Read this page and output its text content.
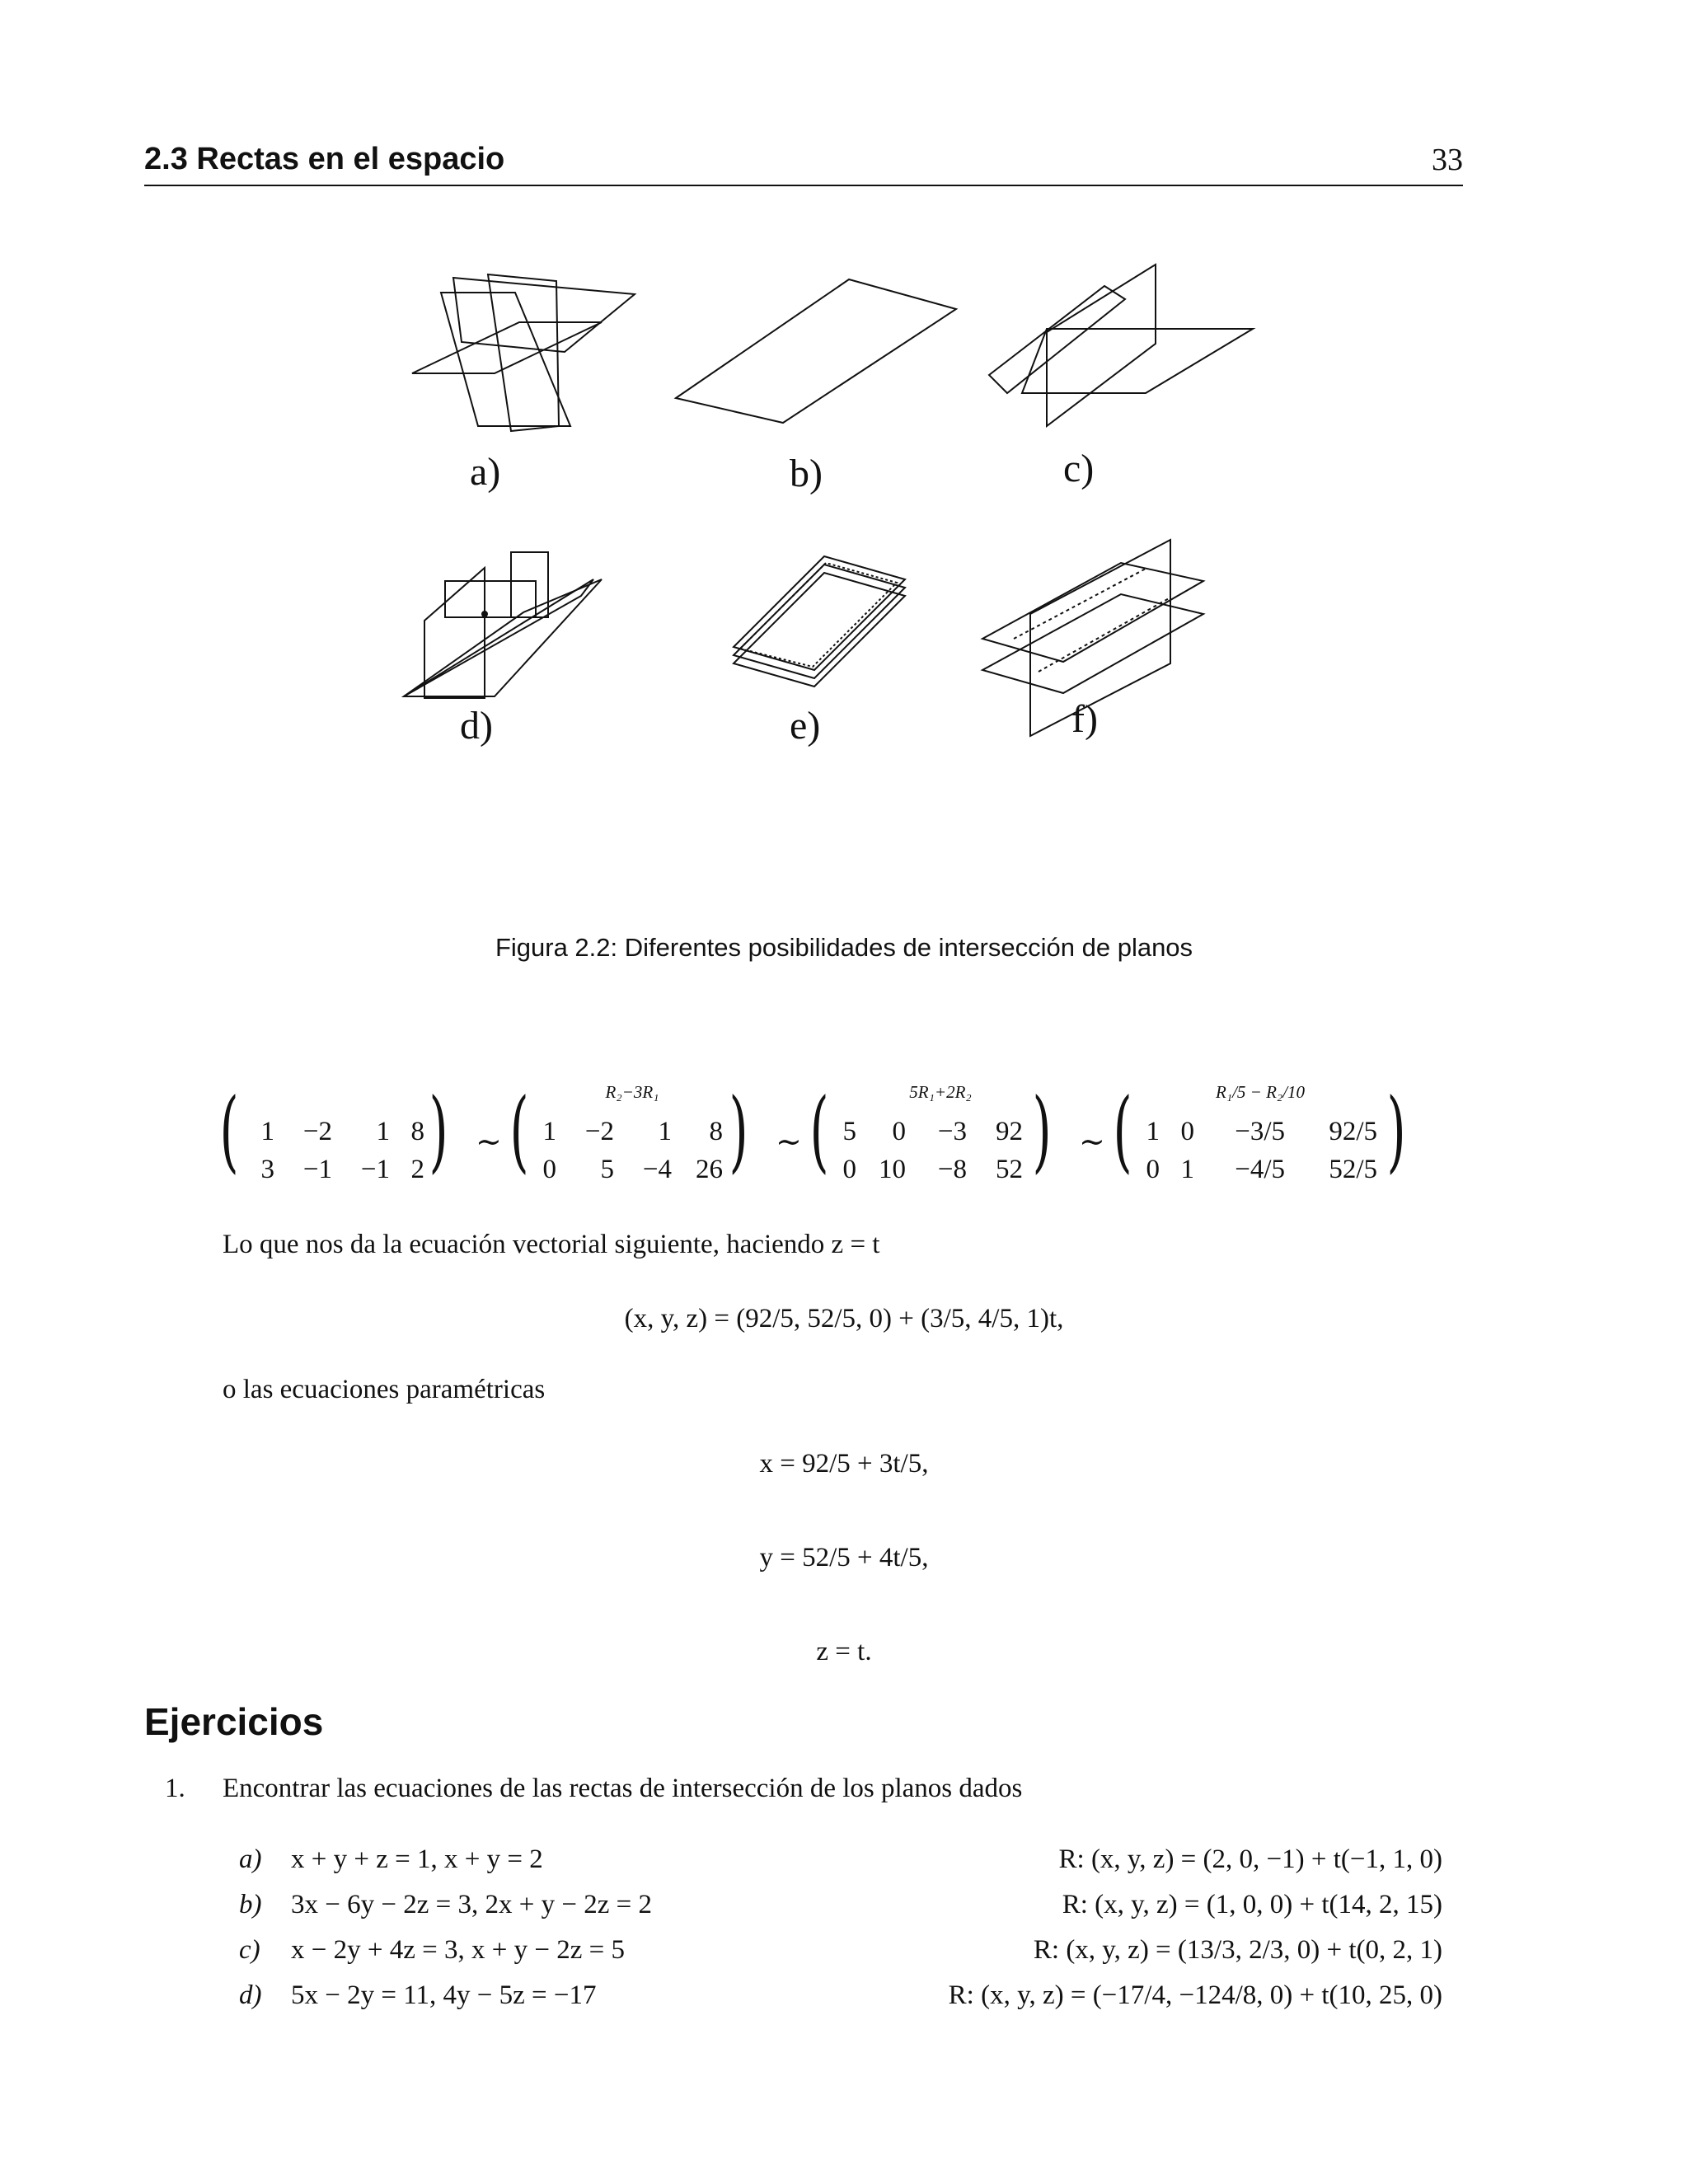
2.3 Rectas en el espacio	33
a)	b)	c)
d)	e)	f)
Figura 2.2: Diferentes posibilidades de intersección de planos
( 1	−2	1 8
3	−1	−1 2 ) ∼
R₂−3R₁
( 1	−2	1	8
0	5	−4 26 ) ∼
5R₁+2R₂
( 5	0	−3	92
0 10	−8	52 ) ∼
R₁/5 − R₂/10
( 1 0	−3/5	92/5
0 1	−4/5	52/5 )
Lo que nos da la ecuación vectorial siguiente, haciendo z = t
(x, y, z) = (92/5, 52/5, 0) + (3/5, 4/5, 1)t,
o las ecuaciones paramétricas
x = 92/5 + 3t/5,
y = 52/5 + 4t/5,
z = t.
Ejercicios
1. Encontrar las ecuaciones de las rectas de intersección de los planos dados
a) x + y + z = 1, x + y = 2	R: (x, y, z) = (2, 0, −1) + t(−1, 1, 0)
b) 3x − 6y − 2z = 3, 2x + y − 2z = 2	R: (x, y, z) = (1, 0, 0) + t(14, 2, 15)
c) x − 2y + 4z = 3, x + y − 2z = 5	R: (x, y, z) = (13/3, 2/3, 0) + t(0, 2, 1)
d) 5x − 2y = 11, 4y − 5z = −17	R: (x, y, z) = (−17/4, −124/8, 0) + t(10, 25, 0)
